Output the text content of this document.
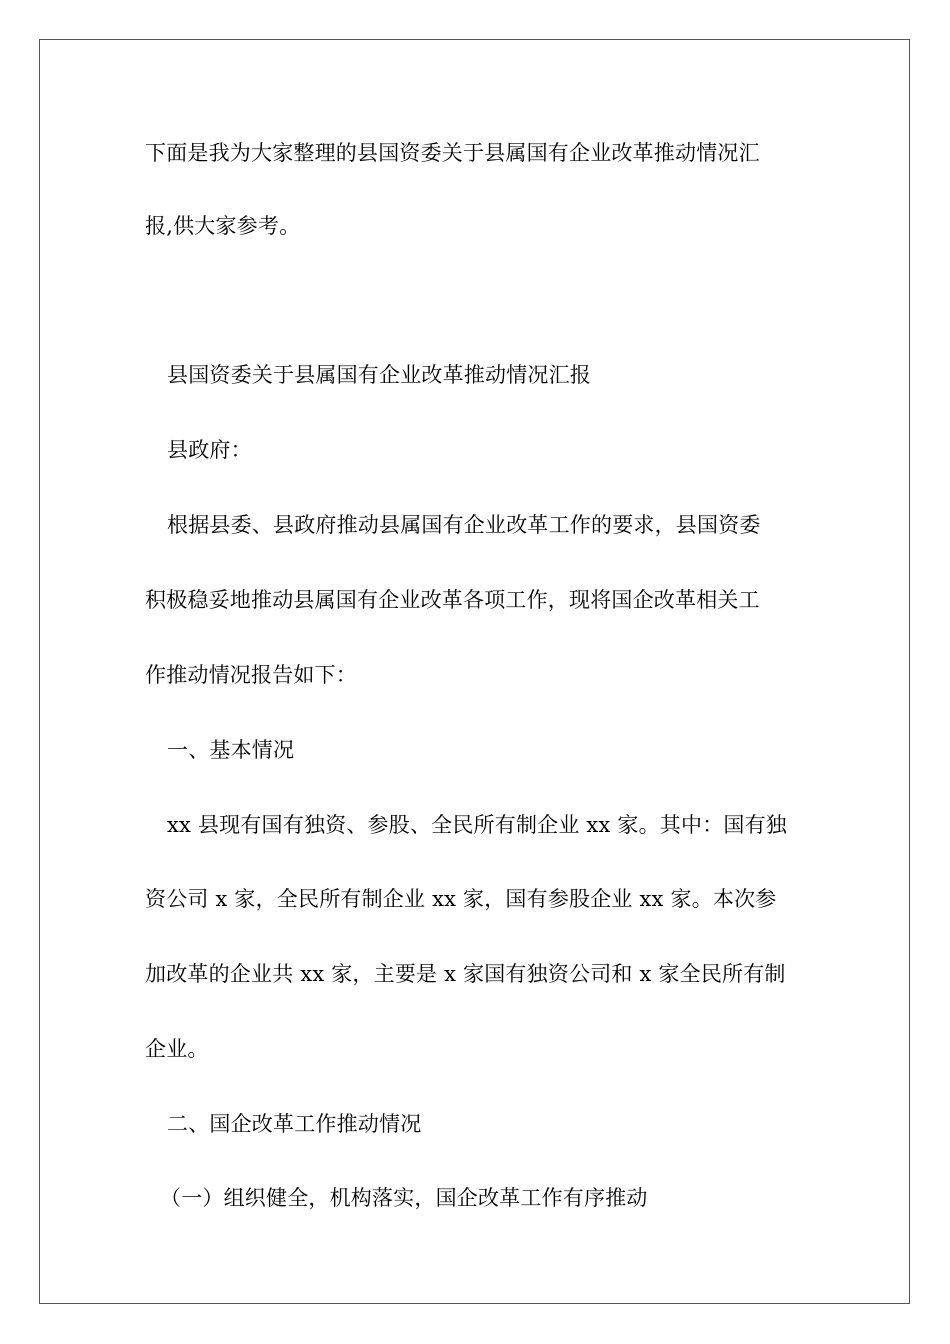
下面是我为大家整理的县国资委关于县属国有企业改革推动情况汇
报,供大家参考。
县国资委关于县属国有企业改革推动情况汇报
县政府：
根据县委、县政府推动县属国有企业改革工作的要求，县国资委
积极稳妥地推动县属国有企业改革各项工作，现将国企改革相关工
作推动情况报告如下：
一、基本情况
xx 县现有国有独资、参股、全民所有制企业 xx 家。其中：国有独
资公司 x 家，全民所有制企业 xx 家，国有参股企业 xx 家。本次参
加改革的企业共 xx 家，主要是 x 家国有独资公司和 x 家全民所有制
企业。
二、国企改革工作推动情况
（一）组织健全，机构落实，国企改革工作有序推动
